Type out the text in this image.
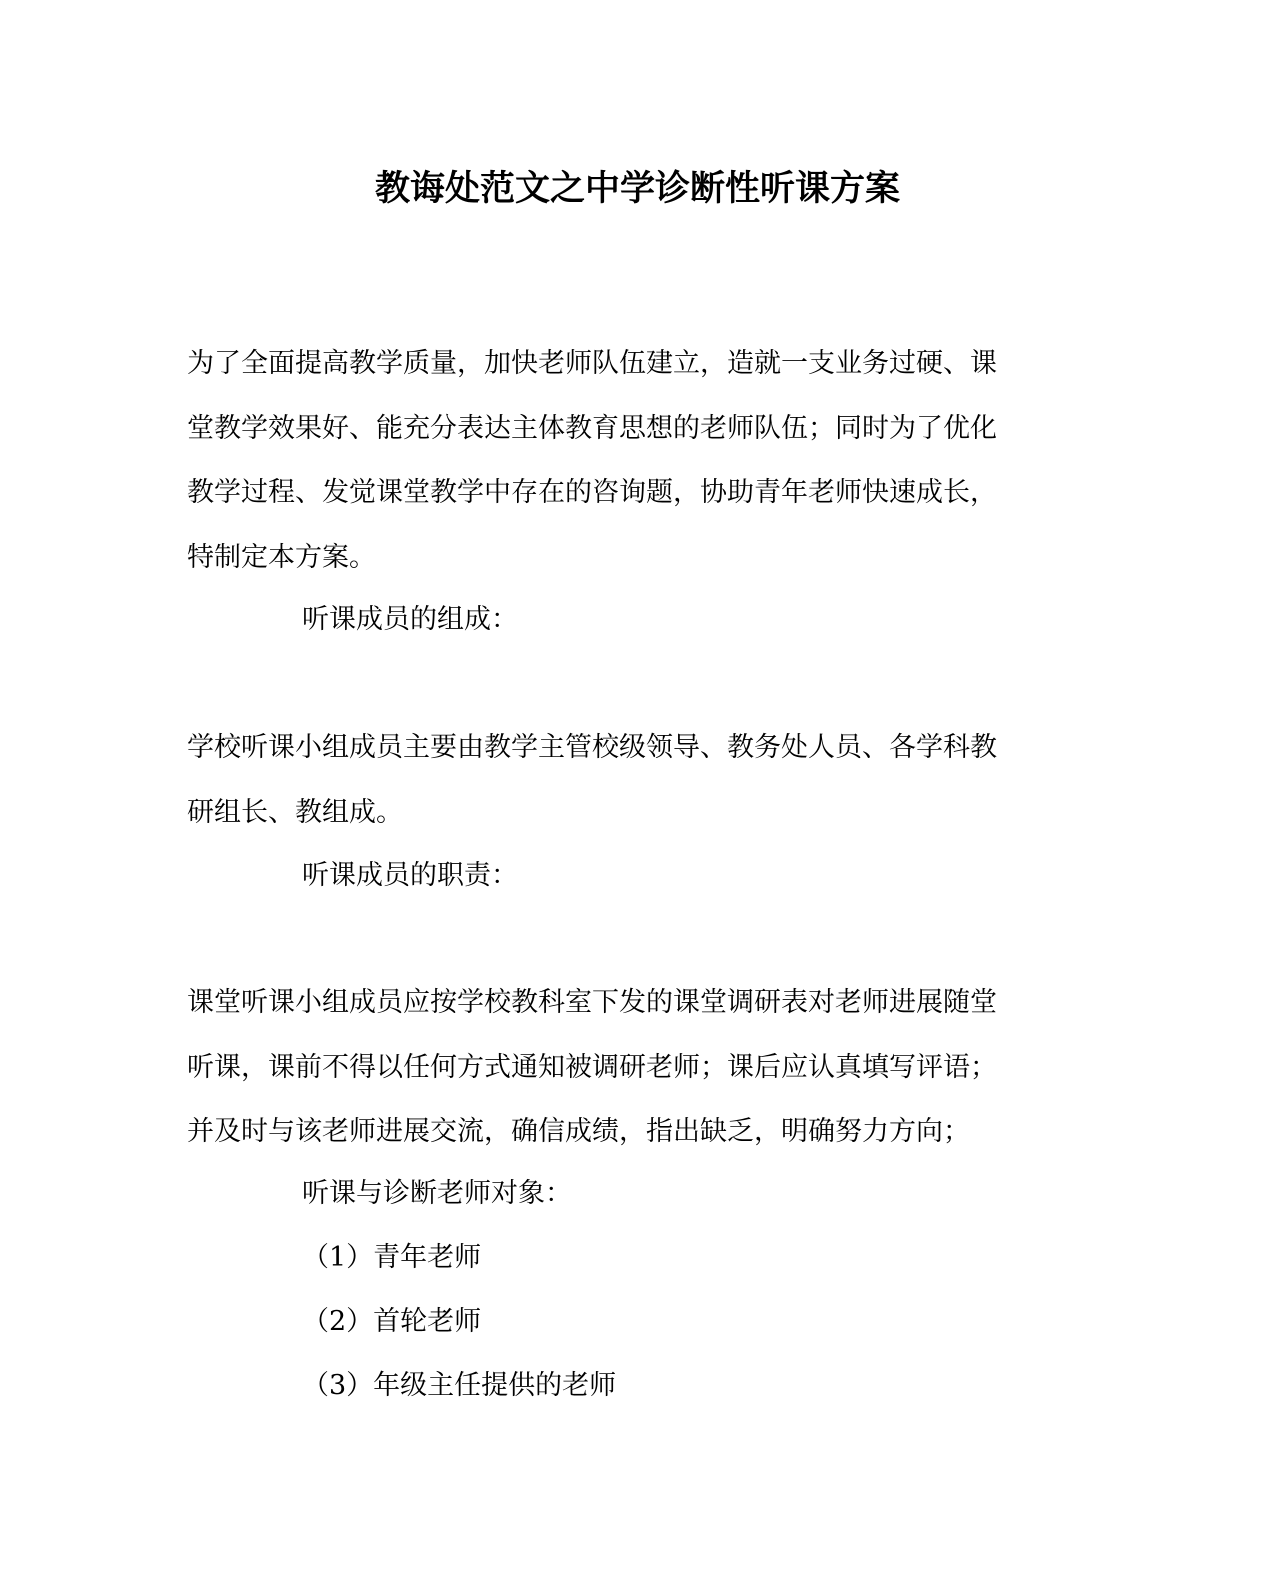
教诲处范文之中学诊断性听课方案

为了全面提高教学质量，加快老师队伍建立，造就一支业务过硬、课
堂教学效果好、能充分表达主体教育思想的老师队伍；同时为了优化
教学过程、发觉课堂教学中存在的咨询题，协助青年老师快速成长，
特制定本方案。

听课成员的组成：

学校听课小组成员主要由教学主管校级领导、教务处人员、各学科教
研组长、教组成。

听课成员的职责：

课堂听课小组成员应按学校教科室下发的课堂调研表对老师进展随堂
听课，课前不得以任何方式通知被调研老师；课后应认真填写评语；
并及时与该老师进展交流，确信成绩，指出缺乏，明确努力方向；

听课与诊断老师对象：

（1）青年老师

（2）首轮老师

（3）年级主任提供的老师
